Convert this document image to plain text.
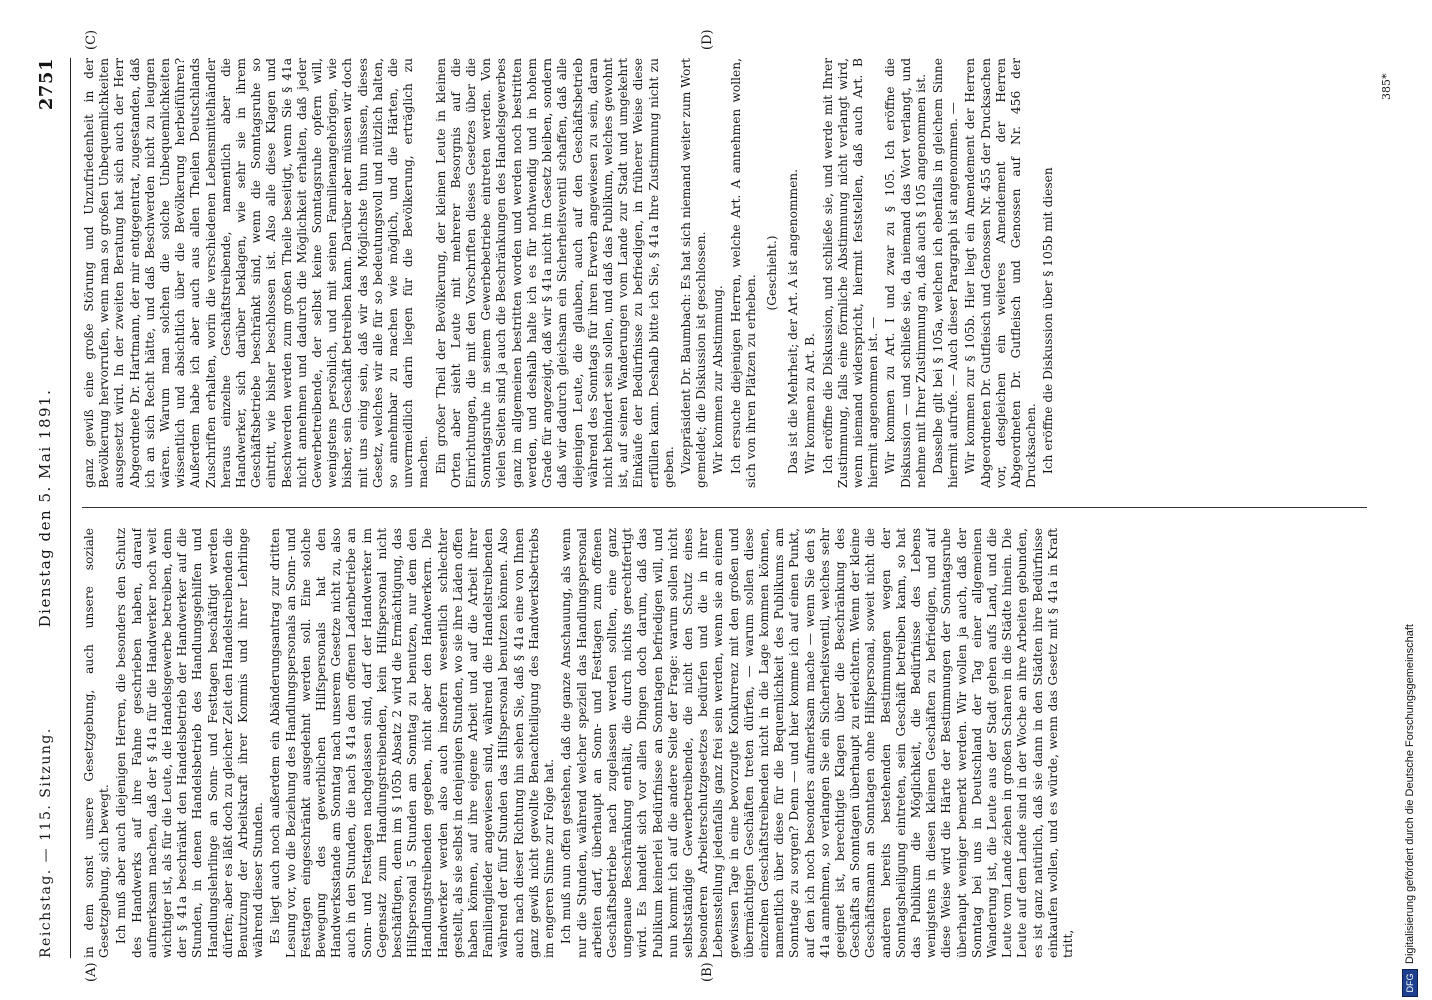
Reichstag. — 115. Sitzung.
Dienstag den 5. Mai 1891.
2751
(A)	(B)
(C)	(D)

in dem sonst unsere Gesetzgebung, auch unsere soziale Gesetzgebung, sich bewegt. Ich muß aber auch diejenigen Herren, die besonders den Schutz des Handwerks auf ihre Fahne geschrieben haben, darauf aufmerksam machen, daß der § 41a für die Handwerker noch weit wichtiger ist, als für die Leute, die Handelsgewerbe betreiben, denn der § 41a beschränkt den Handelsbetrieb der Handwerker auf die Stunden, in denen Handelsbetrieb des Handlungsgehilfen und Handlungslehrlinge an Sonn- und Festtagen beschäftigt werden dürfen; aber es läßt doch zu gleicher Zeit den Handelstreibenden die Benutzung der Arbeitskraft ihrer Kommis und ihrer Lehrlinge während dieser Stunden. Es liegt auch noch außerdem ein Abänderungsantrag zur dritten Lesung vor, wo die Beziehung des Handlungspersonals an Sonn- und Festtagen eingeschränkt ausgedehnt werden soll. Eine solche Bewegung des gewerblichen Hilfspersonals hat den Handwerksstande am Sonntag nach unserem Gesetze nicht zu, also auch in den Stunden, die nach § 41a dem offenen Ladenbetriebe an Sonn- und Festtagen nachgelassen sind, darf der Handwerker im Gegensatz zum Handlungstreibenden, kein Hilfspersonal nicht beschäftigen, denn im § 105b Absatz 2 wird die Ermächtigung, das Hilfspersonal 5 Stunden am Sonntag zu benutzen, nur dem den Handlungstreibenden gegeben, nicht aber den Handwerkern. Die Handwerker werden also auch insofern wesentlich schlechter gestellt, als sie selbst in denjenigen Stunden, wo sie ihre Läden offen haben können, auf ihre eigene Arbeit und auf die Arbeit ihrer Familienglieder angewiesen sind, während die Handelstreibenden während der fünf Stunden das Hilfspersonal benutzen können. Also auch nach dieser Richtung hin sehen Sie, daß § 41a eine von Ihnen ganz gewiß nicht gewollte Benachteiligung des Handwerksbetriebs im engeren Sinne zur Folge hat. Ich muß nun offen gestehen, daß die ganze Anschauung, als wenn nur die Stunden, während welcher speziell das Handlungspersonal arbeiten darf, überhaupt an Sonn- und Festtagen zum offenen Geschäftsbetriebe nach zugelassen werden sollten, eine ganz ungenaue Beschränkung enthält, die durch nichts gerechtfertigt wird. Es handelt sich vor allen Dingen doch darum, daß das Publikum keinerlei Bedürfnisse an Sonntagen befriedigen will, und nun kommt ich auf die andere Seite der Frage: warum sollen nicht selbstständige Gewerbetreibende, die nicht den Schutz eines besonderen Arbeiterschutzgesetzes bedürfen und die in ihrer Lebensstellung jedenfalls ganz frei sein werden, wenn sie an einem gewissen Tage in eine bevorzugte Konkurrenz mit den großen und übermächtigen Geschäften treten dürfen, — warum sollen diese einzelnen Geschäftstreibenden nicht in die Lage kommen können, namentlich über diese für die Bequemlichkeit des Publikums am Sonntage zu sorgen? Denn — und hier komme ich auf einen Punkt, auf den ich noch besonders aufmerksam mache — wenn Sie den § 41a annehmen, so verlangen Sie ein Sicherheitsventil, welches sehr geeignet ist, berechtigte Klagen über die Beschränkung des Geschäfts an Sonntagen überhaupt zu erleichtern. Wenn der kleine Geschäftsmann an Sonntagen ohne Hilfspersonal, soweit nicht die anderen bereits bestehenden Bestimmungen wegen der Sonntagsheiligung eintreten, sein Geschäft betreiben kann, so hat das Publikum die Möglichkeit, die Bedürfnisse des Lebens wenigstens in diesen kleinen Geschäften zu befriedigen, und auf diese Weise wird die Härte der Bestimmungen der Sonntagsruhe überhaupt weniger bemerkt werden. Wir wollen ja auch, daß der Sonntag bei uns in Deutschland der Tag einer allgemeinen Wanderung ist, die Leute aus der Stadt gehen aufs Land, und die Leute vom Lande ziehen in großen Scharen in die Städte hinein. Die Leute auf dem Lande sind in der Woche an ihre Arbeiten gebunden, es ist ganz natürlich, daß sie dann in den Städten ihre Bedürfnisse einkaufen wollen, und es würde, wenn das Gesetz mit § 41a in Kraft tritt,

ganz gewiß eine große Störung und Unzufriedenheit in der Bevölkerung hervorrufen, wenn man so großen Unbequemlichkeiten ausgesetzt wird. In der zweiten Beratung hat sich auch der Herr Abgeordnete Dr. Hartmann, der mir entgegentrat, zugestanden, daß ich an sich Recht hätte, und daß Beschwerden nicht zu leugnen wären. Warum man solchen die solche Unbequemlichkeiten wissentlich und absichtlich über die Bevölkerung herbeiführen? Außerdem habe ich aber auch aus allen Theilen Deutschlands Zuschriften erhalten, worin die verschiedenen Lebensmittelhändler heraus einzelne Geschäftstreibende, namentlich aber die Handwerker, sich darüber beklagen, wie sehr sie in ihrem Geschäftsbetriebe beschränkt sind, wenn die Sonntagsruhe so eintritt, wie bisher beschlossen ist. Also alle diese Klagen und Beschwerden werden zum großen Theile beseitigt, wenn Sie § 41a nicht annehmen und dadurch die Möglichkeit erhalten, daß jeder Gewerbetreibende, der selbst keine Sonntagsruhe opfern will, wenigstens persönlich, und mit seinen Familienangehörigen, wie bisher, sein Geschäft betreiben kann. Darüber aber müssen wir doch mit uns einig sein, daß wir das Möglichste thun müssen, dieses Gesetz, welches wir alle für so bedeutungsvoll und nützlich halten, so annehmbar zu machen wie möglich, und die Härten, die unvermeidlich darin liegen für die Bevölkerung, erträglich zu machen. Ein großer Theil der Bevölkerung, der kleinen Leute in kleinen Orten aber sieht Leute mit mehrerer Besorgnis auf die Einrichtungen, die mit den Vorschriften dieses Gesetzes über die Sonntagsruhe in seinem Gewerbebetriebe eintreten werden. Von vielen Seiten sind ja auch die Beschränkungen des Handelsgewerbes ganz im allgemeinen bestritten worden und werden noch bestritten werden, und deshalb halte ich es für nothwendig und in hohem Grade für angezeigt, daß wir § 41a nicht im Gesetz bleiben, sondern daß wir dadurch gleichsam ein Sicherheitsventil schaffen, daß alle diejenigen Leute, die glauben, auch auf den Geschäftsbetrieb während des Sonntags für ihren Erwerb angewiesen zu sein, daran nicht behindert sein sollen, und daß das Publikum, welches gewohnt ist, auf seinen Wanderungen vom Lande zur Stadt und umgekehrt Einkäufe der Bedürfnisse zu befriedigen, in früherer Weise diese erfüllen kann. Deshalb bitte ich Sie, § 41a Ihre Zustimmung nicht zu geben. Vizepräsident Dr. Baumbach: Es hat sich niemand weiter zum Wort gemeldet; die Diskussion ist geschlossen. Wir kommen zur Abstimmung. Ich ersuche diejenigen Herren, welche Art. A annehmen wollen, sich von ihren Plätzen zu erheben.

(Geschieht.) Das ist die Mehrheit; der Art. A ist angenommen. Wir kommen zu Art. B. Ich eröffne die Diskussion, und schließe sie, und werde mit Ihrer Zustimmung, falls eine förmliche Abstimmung nicht verlangt wird, wenn niemand widerspricht, hiermit feststellen, daß auch Art. B hiermit angenommen ist. — Wir kommen zu Art. I und zwar zu § 105. Ich eröffne die Diskussion — und schließe sie, da niemand das Wort verlangt, und nehme mit Ihrer Zustimmung an, daß auch § 105 angenommen ist. Dasselbe gilt bei § 105a, welchen ich ebenfalls in gleichem Sinne hiermit aufrufe. — Auch dieser Paragraph ist angenommen. — Wir kommen zur § 105b. Hier liegt ein Amendement der Herren Abgeordneten Dr. Gutfleisch und Genossen Nr. 455 der Drucksachen vor, desgleichen ein weiteres Amendement der Herren Abgeordneten Dr. Gutfleisch und Genossen auf Nr. 456 der Drucksachen. Ich eröffne die Diskussion über § 105b mit diesen

385*
DFG
Digitalisierung gefördert durch die Deutsche Forschungsgemeinschaft
